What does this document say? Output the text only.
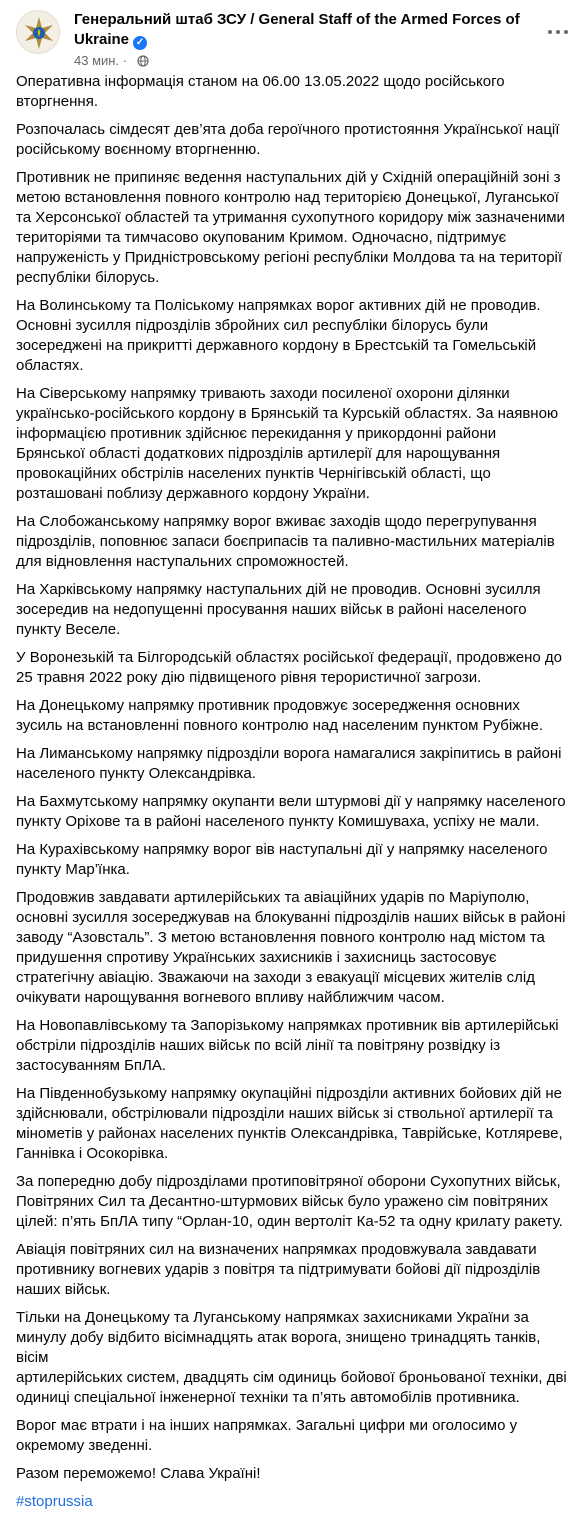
Генеральний штаб ЗСУ / General Staff of the Armed Forces of Ukraine ✓
43 мин. ·

Оперативна інформація станом на 06.00 13.05.2022 щодо російського
вторгнення.

Розпочалась сімдесят дев’ята доба героїчного протистояння Української нації
російському воєнному вторгненню.

Противник не припиняє ведення наступальних дій у Східній операційній зоні з
метою встановлення повного контролю над територією Донецької, Луганської
та Херсонської областей та утримання сухопутного коридору між зазначеними
територіями та тимчасово окупованим Кримом. Одночасно, підтримує
напруженість у Придністровському регіоні республіки Молдова та на території
республіки білорусь.

На Волинському та Поліському напрямках ворог активних дій не проводив.
Основні зусилля підрозділів збройних сил республіки білорусь були
зосереджені на прикритті державного кордону в Брестській та Гомельській
областях.

На Сіверському напрямку тривають заходи посиленої охорони ділянки
українсько-російського кордону в Брянській та Курській областях. За наявною
інформацією противник здійснює перекидання у прикордонні райони
Брянської області додаткових підрозділів артилерії для нарощування
провокаційних обстрілів населених пунктів Чернігівській області, що
розташовані поблизу державного кордону України.

На Слобожанському напрямку ворог вживає заходів щодо перегрупування
підрозділів, поповнює запаси боєприпасів та паливно-мастильних матеріалів
для відновлення наступальних спроможностей.

На Харківському напрямку наступальних дій не проводив. Основні зусилля
зосередив на недопущенні просування наших військ в районі населеного
пункту Веселе.

У Воронезькій та Білгородській областях російської федерації, продовжено до
25 травня 2022 року дію підвищеного рівня терористичної загрози.

На Донецькому напрямку противник продовжує зосередження основних
зусиль на встановленні повного контролю над населеним пунктом Рубіжне.

На Лиманському напрямку підрозділи ворога намагалися закріпитись в районі
населеного пункту Олександрівка.

На Бахмутському напрямку окупанти вели штурмові дії у напрямку населеного
пункту Оріхове та в районі населеного пункту Комишуваха, успіху не мали.

На Курахівському напрямку ворог вів наступальні дії у напрямку населеного
пункту Мар’їнка.

Продовжив завдавати артилерійських та авіаційних ударів по Маріуполю,
основні зусилля зосереджував на блокуванні підрозділів наших військ в районі
заводу “Азовсталь”. З метою встановлення повного контролю над містом та
придушення спротиву Українських захисників і захисниць застосовує
стратегічну авіацію. Зважаючи на заходи з евакуації місцевих жителів слід
очікувати нарощування вогневого впливу найближчим часом.

На Новопавлівському та Запорізькому напрямках противник вів артилерійські
обстріли підрозділів наших військ по всій лінії та повітряну розвідку із
застосуванням БпЛА.

На Південнобузькому напрямку окупаційні підрозділи активних бойових дій не
здійснювали, обстрілювали підрозділи наших військ зі ствольної артилерії та
мінометів у районах населених пунктів Олександрівка, Таврійське, Котляреве,
Ганнівка і Осокорівка.

За попередню добу підрозділами протиповітряної оборони Сухопутних військ,
Повітряних Сил та Десантно-штурмових військ було уражено сім повітряних
цілей: п’ять БпЛА типу “Орлан-10, один вертоліт Ка-52 та одну крилату ракету.

Авіація повітряних сил на визначених напрямках продовжувала завдавати
противнику вогневих ударів з повітря та підтримувати бойові дії підрозділів
наших військ.

Тільки на Донецькому та Луганському напрямках захисниками України за
минулу добу відбито вісімнадцять атак ворога, знищено тринадцять танків, вісім
артилерійських систем, двадцять сім одиниць бойової броньованої техніки, дві
одиниці спеціальної інженерної техніки та п’ять автомобілів противника.

Ворог має втрати і на інших напрямках. Загальні цифри ми оголосимо у
окремому зведенні.

Разом переможемо! Слава Україні!

#stoprussia
